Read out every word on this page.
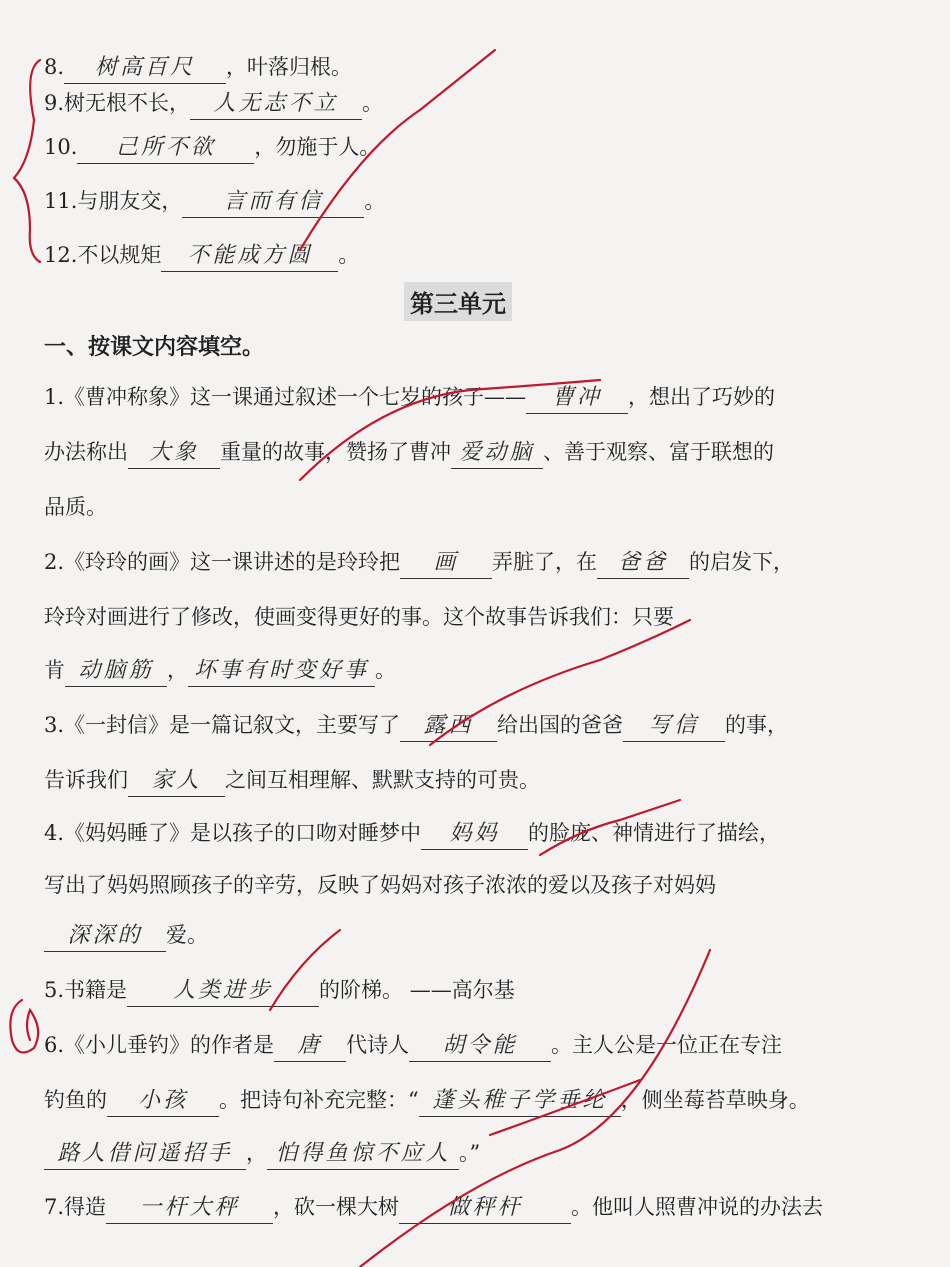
8. 树高百尺 ，叶落归根。
9.树无根不长， 人无志不立 。
10. 己所不欲 ，勿施于人。
11.与朋友交， 言而有信 。
12.不以规矩 不能成方圆 。
第三单元
一、按课文内容填空。
1.《曹冲称象》这一课通过叙述一个七岁的孩子—— 曹冲 ，想出了巧妙的
办法称出 大象 重量的故事，赞扬了曹冲 爱动脑 、善于观察、富于联想的
品质。
2.《玲玲的画》这一课讲述的是玲玲把 画 弄脏了，在 爸爸 的启发下，
玲玲对画进行了修改，使画变得更好的事。这个故事告诉我们：只要
肯 动脑筋 ， 坏事有时变好事 。
3.《一封信》是一篇记叙文，主要写了 露西 给出国的爸爸 写信 的事，
告诉我们 家人 之间互相理解、默默支持的可贵。
4.《妈妈睡了》是以孩子的口吻对睡梦中 妈妈 的脸庞、神情进行了描绘，
写出了妈妈照顾孩子的辛劳，反映了妈妈对孩子浓浓的爱以及孩子对妈妈
深深的 爱。
5.书籍是 人类进步 的阶梯。 ——高尔基
6.《小儿垂钓》的作者是 唐 代诗人 胡令能 。主人公是一位正在专注
钓鱼的 小孩 。把诗句补充完整：“ 蓬头稚子学垂纶 ，侧坐莓苔草映身。
路人借问遥招手 ， 怕得鱼惊不应人 。”
7.得造 一杆大秤 ，砍一棵大树 做秤杆 。他叫人照曹冲说的办法去
